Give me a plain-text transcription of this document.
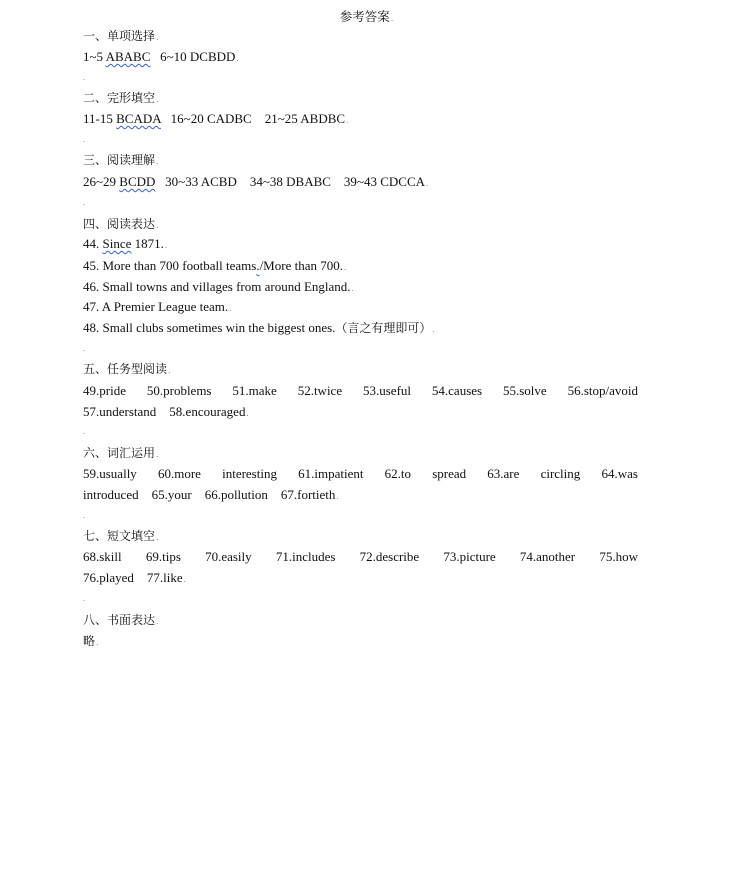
参考答案.
一、单项选择.
1~5 ABABC   6~10 DCBDD.
.
二、完形填空.
11-15 BCADA   16~20 CADBC    21~25 ABDBC.
.
三、阅读理解.
26~29 BCDD   30~33 ACBD    34~38 DBABC    39~43 CDCCA.
.
四、阅读表达.
44. Since 1871..
45. More than 700 football teams./More than 700..
46. Small towns and villages from around England..
47. A Premier League team..
48. Small clubs sometimes win the biggest ones.（言之有理即可）.
.
五、任务型阅读.
49.pride 50.problems 51.make 52.twice 53.useful 54.causes 55.solve 56.stop/avoid
57.understand 58.encouraged.
.
六、词汇运用.
59.usually 60.more interesting 61.impatient 62.to spread 63.are circling 64.was
introduced 65.your 66.pollution 67.fortieth.
.
七、短文填空.
68.skill 69.tips 70.easily 71.includes 72.describe 73.picture 74.another 75.how
76.played 77.like.
.
八、书面表达.
略.
